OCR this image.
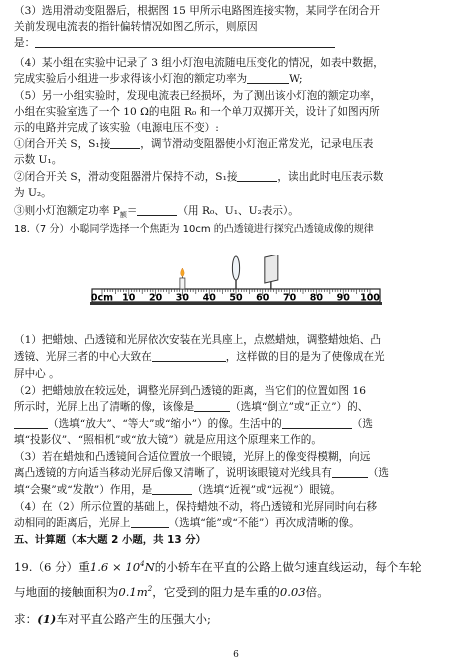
（3）选用滑动变阻器后，根据图 15 甲所示电路图连接实物，某同学在闭合开
关前发现电流表的指针偏转情况如图乙所示，则原因
是：
（4）某小组在实验中记录了 3 组小灯泡电流随电压变化的情况，如表中数据，
完成实验后小组进一步求得该小灯泡的额定功率为	W;
（5）另一小组实验时，发现电流表已经损坏，为了测出该小灯泡的额定功率，
小组在实验室选了一个 10 Ω的电阻 R₀ 和一个单刀双掷开关，设计了如图丙所
示的电路并完成了该实验（电源电压不变）:
①闭合开关 S，S₁接	，调节滑动变阻器使小灯泡正常发光，记录电压表
示数 U₁。
②闭合开关 S，滑动变阻器滑片保持不动，S₁接	，读出此时电压表示数
为 U₂。
③则小灯泡额定功率 $P_额=$	（用 R₀、U₁、U₂表示）。
18.（7 分）小聪同学选择一个焦距为 10cm 的凸透镜进行探究凸透镜成像的规律
0cm 10 20 30 40 50 60 70 80 90 100
（1）把蜡烛、凸透镜和光屏依次安装在光具座上，点燃蜡烛，调整蜡烛焰、凸
透镜、光屏三者的中心大致在	，这样做的目的是为了使像成在光
屏中心 。
（2）把蜡烛放在较远处，调整光屏到凸透镜的距离，当它们的位置如图 16
所示时，光屏上出了清晰的像，该像是	（选填“倒立”或“正立”）的、
（选填“放大”、“等大”或“缩小”）的像。生活中的	（选
填“投影仪”、“照相机”或“放大镜”）就是应用这个原理来工作的。
（3）若在蜡烛和凸透镜间合适位置放一个眼镜，光屏上的像变得模糊，向远
离凸透镜的方向适当移动光屏后像又清晰了，说明该眼镜对光线具有	（选
填“会聚”或“发散”）作用，是	（选填“近视”或“远视”）眼镜。
（4）在（2）所示位置的基础上，保持蜡烛不动，将凸透镜和光屏同时向右移
动相同的距离后，光屏上	（选填“能”或“不能”）再次成清晰的像。
五、计算题（本大题 2 小题，共 13 分）
19.（6 分）重$1.6 \times 10^4N$的小轿车在平直的公路上做匀速直线运动，每个车轮
与地面的接触面积为$0.1m^2$，它受到的阻力是车重的0.03倍。
求：(1)车对平直公路产生的压强大小;
6
